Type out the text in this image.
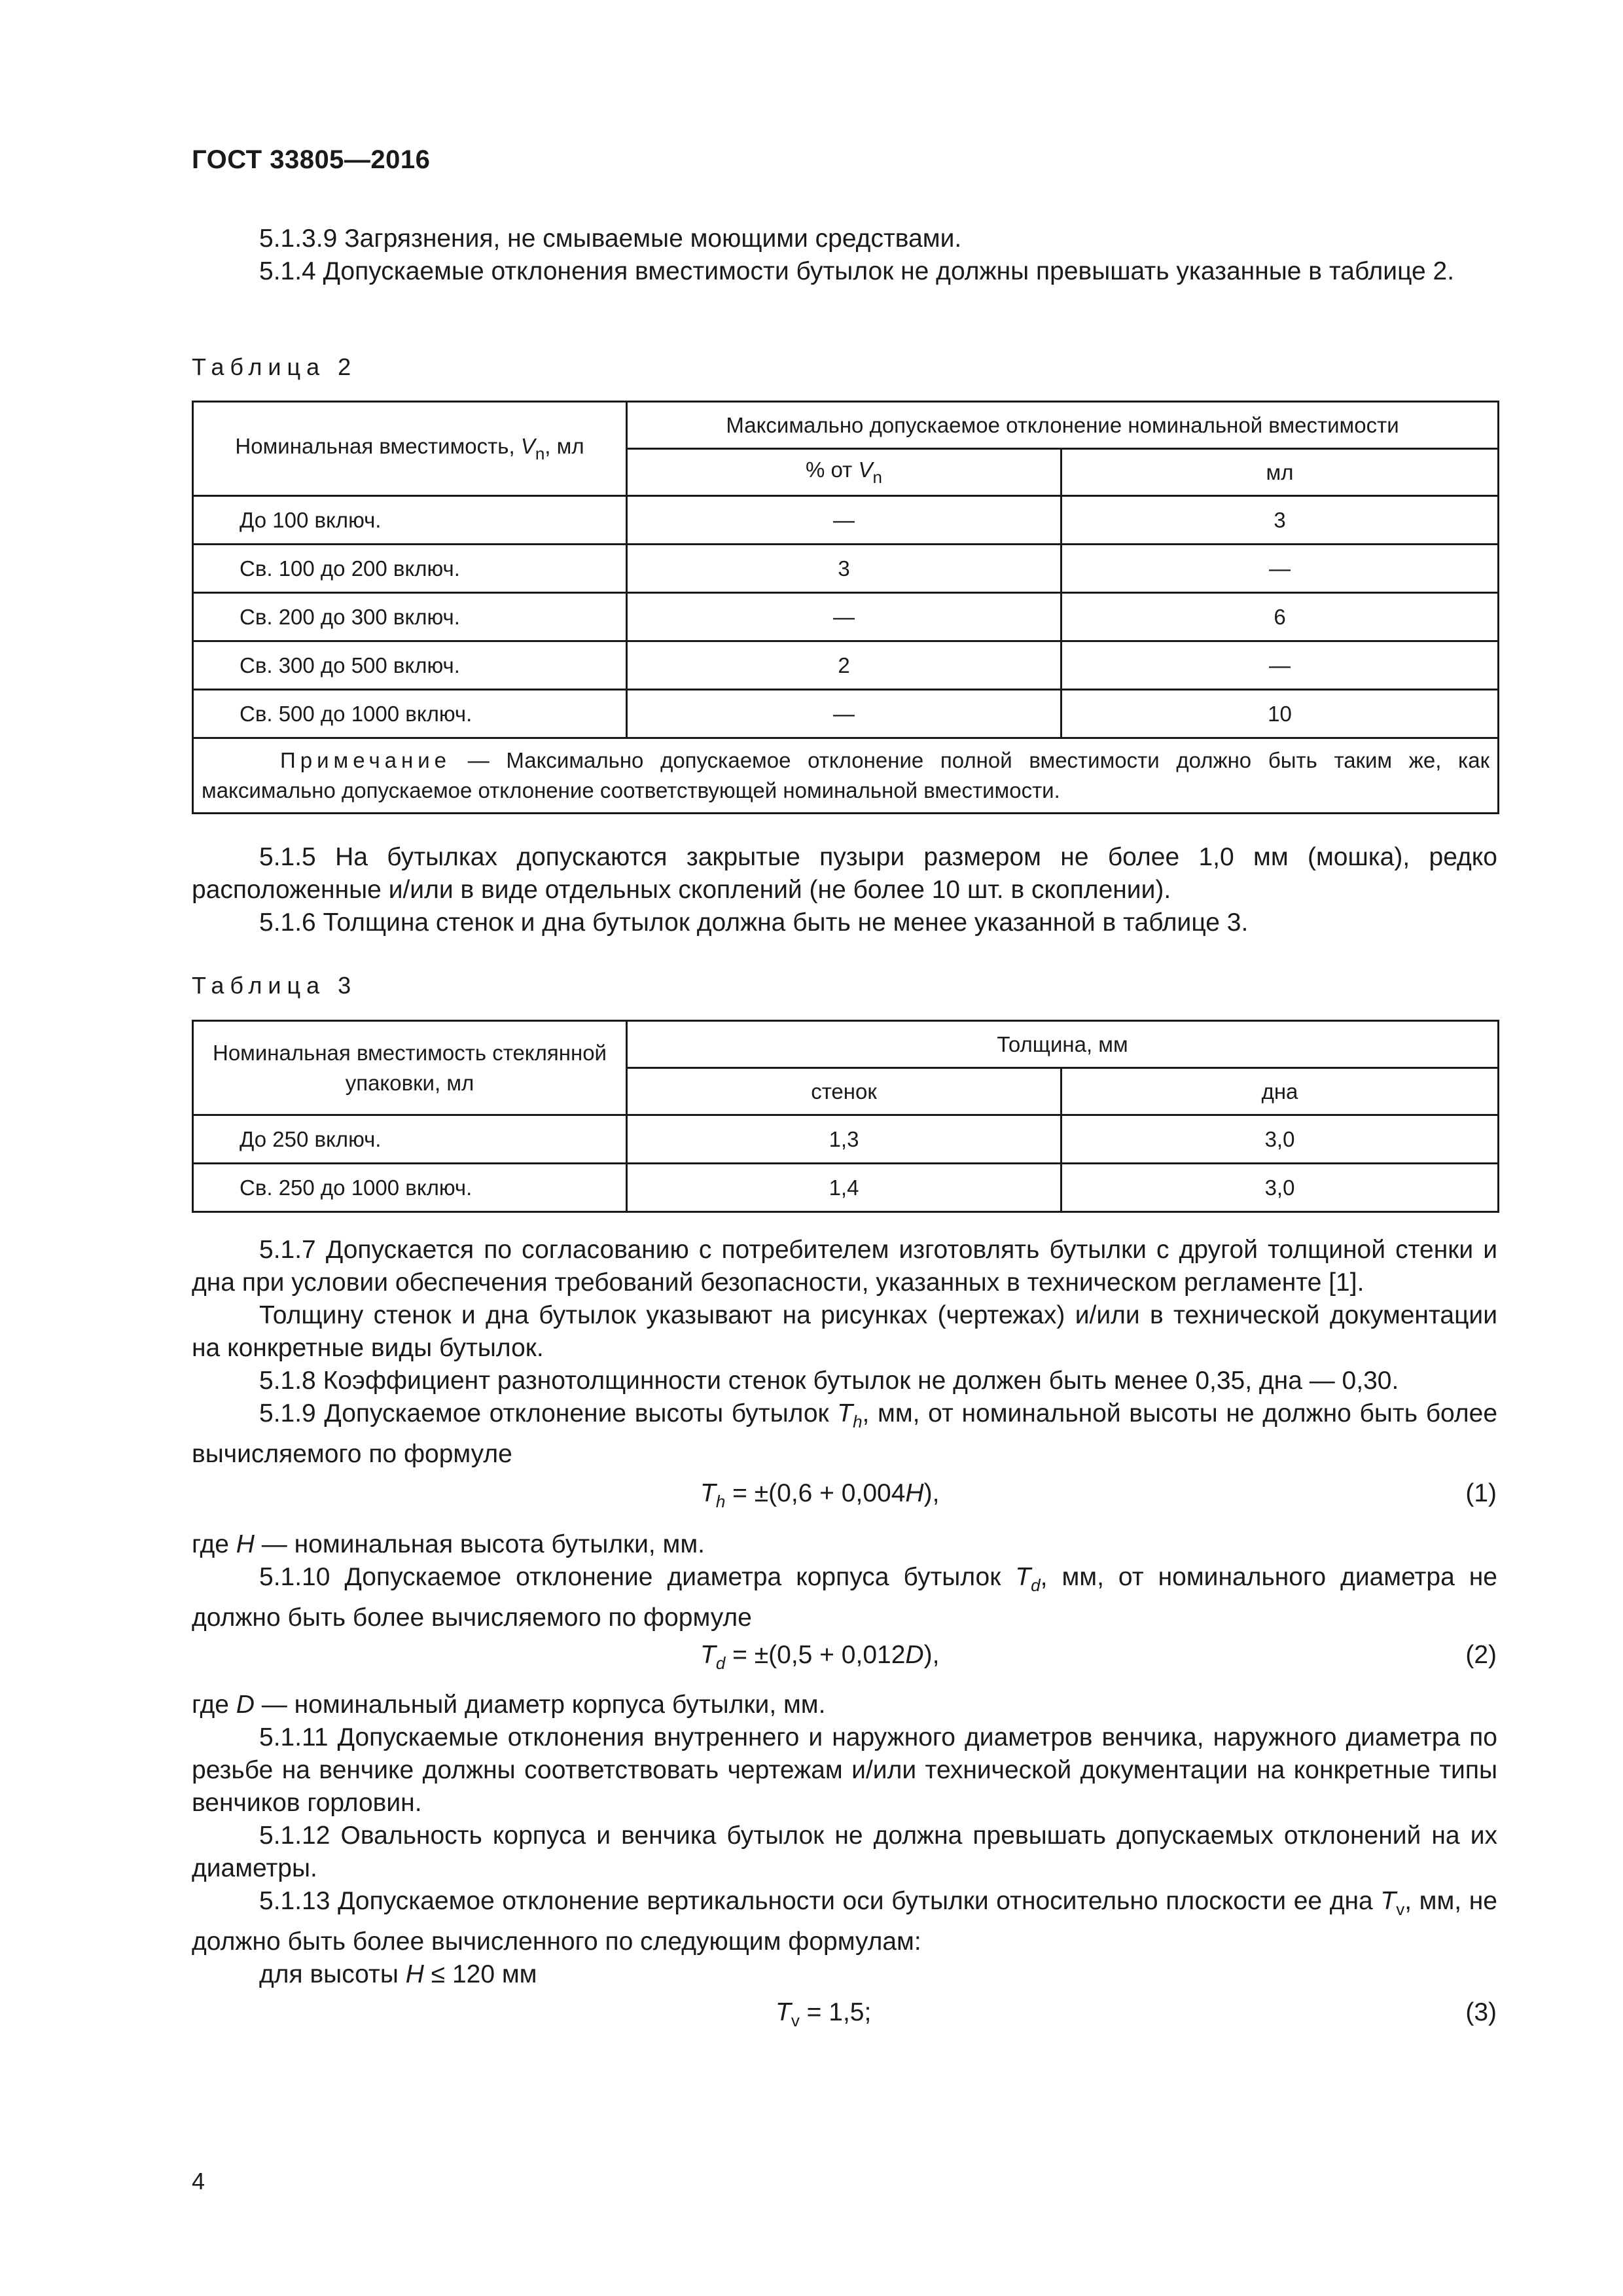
ГОСТ 33805—2016

5.1.3.9 Загрязнения, не смываемые моющими средствами.

5.1.4 Допускаемые отклонения вместимости бутылок не должны превышать указанные в таблице 2.

Таблица 2
Номинальная вместимость, $V_n$, мл	Максимально допускаемое отклонение номинальной вместимости	
	% от $V_n$	мл
До 100 включ.	—	3
Св. 100 до 200 включ.	3	—
Св. 200 до 300 включ.	—	6
Св. 300 до 500 включ.	2	—
Св. 500 до 1000 включ.	—	10
Примечание — Максимально допускаемое отклонение полной вместимости должно быть таким же, как максимально допускаемое отклонение соответствующей номинальной вместимости.		

5.1.5 На бутылках допускаются закрытые пузыри размером не более 1,0 мм (мошка), редко расположенные и/или в виде отдельных скоплений (не более 10 шт. в скоплении).

5.1.6 Толщина стенок и дна бутылок должна быть не менее указанной в таблице 3.

Таблица 3
Номинальная вместимость стеклянной упаковки, мл	Толщина, мм	
	стенок	дна
До 250 включ.	1,3	3,0
Св. 250 до 1000 включ.	1,4	3,0

5.1.7 Допускается по согласованию с потребителем изготовлять бутылки с другой толщиной стенки и дна при условии обеспечения требований безопасности, указанных в техническом регламенте [1].

Толщину стенок и дна бутылок указывают на рисунках (чертежах) и/или в технической документации на конкретные виды бутылок.

5.1.8 Коэффициент разнотолщинности стенок бутылок не должен быть менее 0,35, дна — 0,30.

5.1.9 Допускаемое отклонение высоты бутылок $T_h$, мм, от номинальной высоты не должно быть более вычисляемого по формуле

$T_h = \pm(0,6 + 0,004H)$,	(1)

где H — номинальная высота бутылки, мм.

5.1.10 Допускаемое отклонение диаметра корпуса бутылок $T_d$, мм, от номинального диаметра не должно быть более вычисляемого по формуле

$T_d = \pm(0,5 + 0,012D)$,	(2)

где D — номинальный диаметр корпуса бутылки, мм.

5.1.11 Допускаемые отклонения внутреннего и наружного диаметров венчика, наружного диаметра по резьбе на венчике должны соответствовать чертежам и/или технической документации на конкретные типы венчиков горловин.

5.1.12 Овальность корпуса и венчика бутылок не должна превышать допускаемых отклонений на их диаметры.

5.1.13 Допускаемое отклонение вертикальности оси бутылки относительно плоскости ее дна $T_v$, мм, не должно быть более вычисленного по следующим формулам:

для высоты H ≤ 120 мм

$T_v = 1,5$;	(3)
4
